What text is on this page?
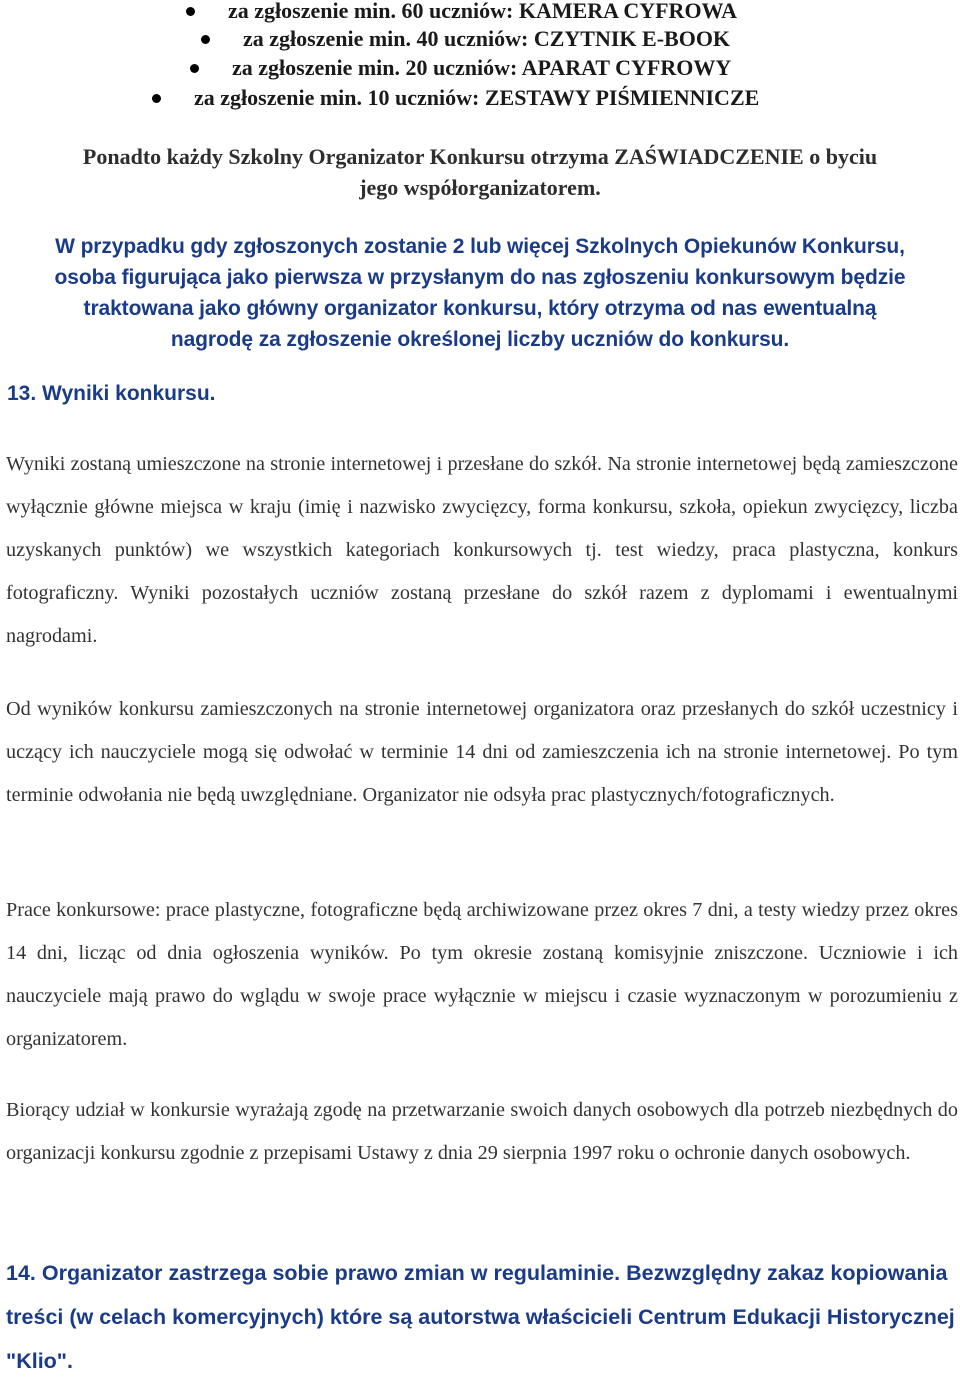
za zgłoszenie min. 60 uczniów: KAMERA CYFROWA
za zgłoszenie min. 40 uczniów: CZYTNIK E-BOOK
za zgłoszenie min. 20 uczniów: APARAT CYFROWY
za zgłoszenie min. 10 uczniów: ZESTAWY PIŚMIENNICZE
Ponadto każdy Szkolny Organizator Konkursu otrzyma ZAŚWIADCZENIE o byciu
jego współorganizatorem.
W przypadku gdy zgłoszonych zostanie 2 lub więcej Szkolnych Opiekunów Konkursu,
osoba figurująca jako pierwsza w przysłanym do nas zgłoszeniu konkursowym będzie
traktowana jako główny organizator konkursu, który otrzyma od nas ewentualną
nagrodę za zgłoszenie określonej liczby uczniów do konkursu.
13. Wyniki konkursu.

Wyniki zostaną umieszczone na stronie internetowej i przesłane do szkół. Na stronie internetowej będą zamieszczone wyłącznie główne miejsca w kraju (imię i nazwisko zwycięzcy, forma konkursu, szkoła, opiekun zwycięzcy, liczba uzyskanych punktów) we wszystkich kategoriach konkursowych tj. test wiedzy, praca plastyczna, konkurs fotograficzny. Wyniki pozostałych uczniów zostaną przesłane do szkół razem z dyplomami i ewentualnymi nagrodami.

Od wyników konkursu zamieszczonych na stronie internetowej organizatora oraz przesłanych do szkół uczestnicy i uczący ich nauczyciele mogą się odwołać w terminie 14 dni od zamieszczenia ich na stronie internetowej. Po tym terminie odwołania nie będą uwzględniane. Organizator nie odsyła prac plastycznych/fotograficznych.

Prace konkursowe: prace plastyczne, fotograficzne będą archiwizowane przez okres 7 dni, a testy wiedzy przez okres 14 dni, licząc od dnia ogłoszenia wyników. Po tym okresie zostaną komisyjnie zniszczone. Uczniowie i ich nauczyciele mają prawo do wglądu w swoje prace wyłącznie w miejscu i czasie wyznaczonym w porozumieniu z organizatorem.

Biorący udział w konkursie wyrażają zgodę na przetwarzanie swoich danych osobowych dla potrzeb niezbędnych do organizacji konkursu zgodnie z przepisami Ustawy z dnia 29 sierpnia 1997 roku o ochronie danych osobowych.

14. Organizator zastrzega sobie prawo zmian w regulaminie. Bezwzględny zakaz kopiowania treści (w celach komercyjnych) które są autorstwa właścicieli Centrum Edukacji Historycznej "Klio".
